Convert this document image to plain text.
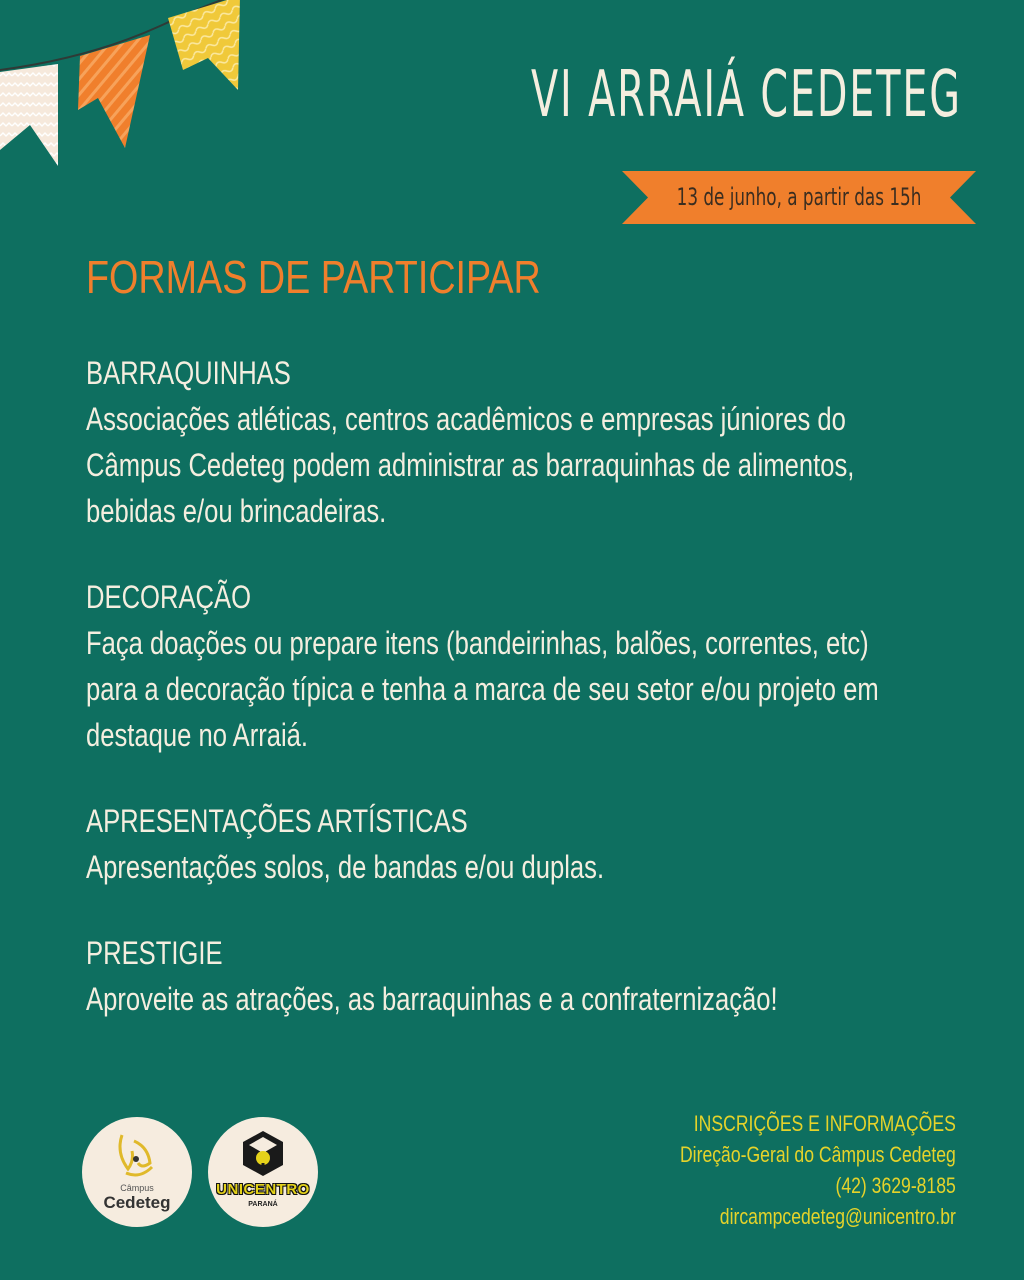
VI ARRAIÁ CEDETEG
13 de junho, a partir das 15h
FORMAS DE PARTICIPAR
BARRAQUINHAS
Associações atléticas, centros acadêmicos e empresas júniores do
Câmpus Cedeteg podem administrar as barraquinhas de alimentos,
bebidas e/ou brincadeiras.
DECORAÇÃO
Faça doações ou prepare itens (bandeirinhas, balões, correntes, etc)
para a decoração típica e tenha a marca de seu setor e/ou projeto em
destaque no Arraiá.
APRESENTAÇÕES ARTÍSTICAS
Apresentações solos, de bandas e/ou duplas.
PRESTIGIE
Aproveite as atrações, as barraquinhas e a confraternização!
Câmpus
Cedeteg
UNICENTRO
PARANÁ
INSCRIÇÕES E INFORMAÇÕES
Direção-Geral do Câmpus Cedeteg
(42) 3629-8185
dircampcedeteg@unicentro.br
